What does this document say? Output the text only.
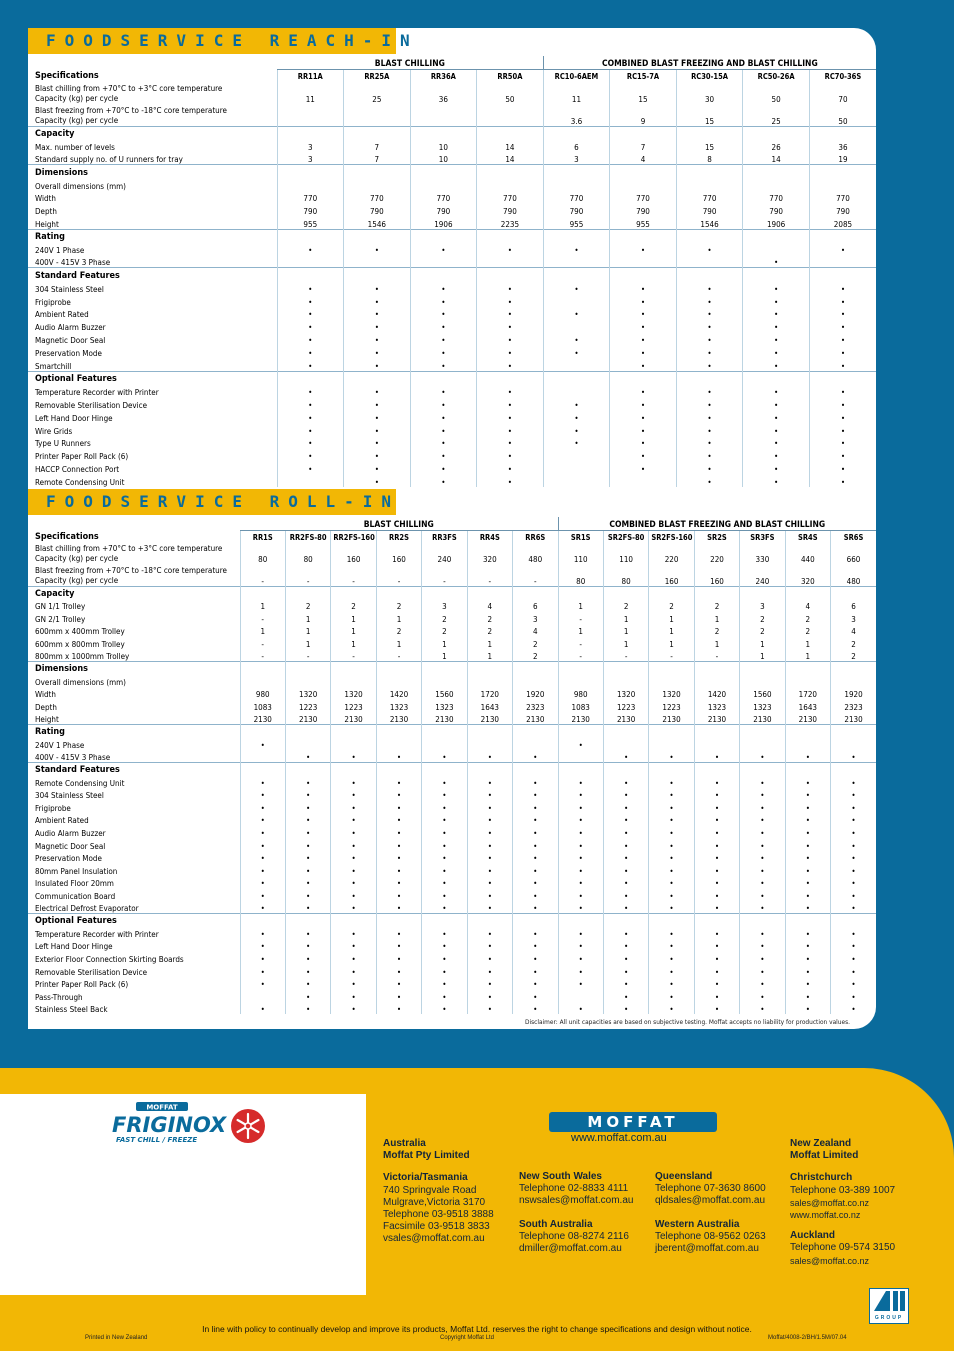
FOODSERVICE REACH-IN
	BLAST CHILLING				COMBINED BLAST FREEZING AND BLAST CHILLING				
Specifications	RR11A	RR25A	RR36A	RR50A	RC10-6AEM	RC15-7A	RC30-15A	RC50-26A	RC70-36S
Blast chilling from +70°C to +3°C core temperature
Capacity (kg) per cycle	11	25	36	50	11	15	30	50	70
Blast freezing from +70°C to -18°C core temperature
Capacity (kg) per cycle					3.6	9	15	25	50
Capacity									
Max. number of levels	3	7	10	14	6	7	15	26	36
Standard supply no. of U runners for tray	3	7	10	14	3	4	8	14	19
Dimensions									
Overall dimensions (mm)									
Width	770	770	770	770	770	770	770	770	770
Depth	790	790	790	790	790	790	790	790	790
Height	955	1546	1906	2235	955	955	1546	1906	2085
Rating									
240V 1 Phase	•	•	•	•	•	•	•		•
400V - 415V 3 Phase								•	
Standard Features									
304 Stainless Steel	•	•	•	•	•	•	•	•	•
Frigiprobe	•	•	•	•		•	•	•	•
Ambient Rated	•	•	•	•	•	•	•	•	•
Audio Alarm Buzzer	•	•	•	•		•	•	•	•
Magnetic Door Seal	•	•	•	•	•	•	•	•	•
Preservation Mode	•	•	•	•	•	•	•	•	•
Smartchill	•	•	•	•		•	•	•	•
Optional Features									
Temperature Recorder with Printer	•	•	•	•		•	•	•	•
Removable Sterilisation Device	•	•	•	•	•	•	•	•	•
Left Hand Door Hinge	•	•	•	•	•	•	•	•	•
Wire Grids	•	•	•	•	•	•	•	•	•
Type U Runners	•	•	•	•	•	•	•	•	•
Printer Paper Roll Pack (6)	•	•	•	•		•	•	•	•
HACCP Connection Port	•	•	•	•		•	•	•	•
Remote Condensing Unit		•	•	•			•	•	•
FOODSERVICE ROLL-IN
	BLAST CHILLING							COMBINED BLAST FREEZING AND BLAST CHILLING						
Specifications	RR1S	RR2FS-80	RR2FS-160	RR2S	RR3FS	RR4S	RR6S	SR1S	SR2FS-80	SR2FS-160	SR2S	SR3FS	SR4S	SR6S
Blast chilling from +70°C to +3°C core temperature
Capacity (kg) per cycle	80	80	160	160	240	320	480	110	110	220	220	330	440	660
Blast freezing from +70°C to -18°C core temperature
Capacity (kg) per cycle	-	-	-	-	-	-	-	80	80	160	160	240	320	480
Capacity														
GN 1/1 Trolley	1	2	2	2	3	4	6	1	2	2	2	3	4	6
GN 2/1 Trolley	-	1	1	1	2	2	3	-	1	1	1	2	2	3
600mm x 400mm Trolley	1	1	1	2	2	2	4	1	1	1	2	2	2	4
600mm x 800mm Trolley	-	1	1	1	1	1	2	-	1	1	1	1	1	2
800mm x 1000mm Trolley	-	-	-	-	1	1	2	-	-	-	-	1	1	2
Dimensions														
Overall dimensions (mm)														
Width	980	1320	1320	1420	1560	1720	1920	980	1320	1320	1420	1560	1720	1920
Depth	1083	1223	1223	1323	1323	1643	2323	1083	1223	1223	1323	1323	1643	2323
Height	2130	2130	2130	2130	2130	2130	2130	2130	2130	2130	2130	2130	2130	2130
Rating														
240V 1 Phase	•							•						
400V - 415V 3 Phase		•	•	•	•	•	•		•	•	•	•	•	•
Standard Features														
Remote Condensing Unit	•	•	•	•	•	•	•	•	•	•	•	•	•	•
304 Stainless Steel	•	•	•	•	•	•	•	•	•	•	•	•	•	•
Frigiprobe	•	•	•	•	•	•	•	•	•	•	•	•	•	•
Ambient Rated	•	•	•	•	•	•	•	•	•	•	•	•	•	•
Audio Alarm Buzzer	•	•	•	•	•	•	•	•	•	•	•	•	•	•
Magnetic Door Seal	•	•	•	•	•	•	•	•	•	•	•	•	•	•
Preservation Mode	•	•	•	•	•	•	•	•	•	•	•	•	•	•
80mm Panel Insulation	•	•	•	•	•	•	•	•	•	•	•	•	•	•
Insulated Floor 20mm	•	•	•	•	•	•	•	•	•	•	•	•	•	•
Communication Board	•	•	•	•	•	•	•	•	•	•	•	•	•	•
Electrical Defrost Evaporator	•	•	•	•	•	•	•	•	•	•	•	•	•	•
Optional Features														
Temperature Recorder with Printer	•	•	•	•	•	•	•	•	•	•	•	•	•	•
Left Hand Door Hinge	•	•	•	•	•	•	•	•	•	•	•	•	•	•
Exterior Floor Connection Skirting Boards	•	•	•	•	•	•	•	•	•	•	•	•	•	•
Removable Sterilisation Device	•	•	•	•	•	•	•	•	•	•	•	•	•	•
Printer Paper Roll Pack (6)	•	•	•	•	•	•	•	•	•	•	•	•	•	•
Pass-Through		•	•	•	•	•	•		•	•	•	•	•	•
Stainless Steel Back	•	•	•	•	•	•	•	•	•	•	•	•	•	•
Disclaimer: All unit capacities are based on subjective testing. Moffat accepts no liability for production values.
MOFFAT
FRIGINOX
FAST CHILL / FREEZE
MOFFAT
www.moffat.com.au
Australia
Moffat Pty Limited
Victoria/Tasmania
740 Springvale Road
Mulgrave,Victoria 3170
Telephone 03-9518 3888
Facsimile 03-9518 3833
vsales@moffat.com.au
New South Wales
Telephone 02-8833 4111
nswsales@moffat.com.au
South Australia
Telephone 08-8274 2116
dmiller@moffat.com.au
Queensland
Telephone 07-3630 8600
qldsales@moffat.com.au
Western Australia
Telephone 08-9562 0263
jberent@moffat.com.au
New Zealand
Moffat Limited
Christchurch
Telephone 03-389 1007
sales@moffat.co.nz
www.moffat.co.nz
Auckland
Telephone 09-574 3150
sales@moffat.co.nz
GROUP
In line with policy to continually develop and improve its products, Moffat Ltd. reserves the right to change specifications and design without notice.
Printed in New Zealand	Copyright Moffat Ltd	Moffat/4008-2/BH/1.5M/07.04
